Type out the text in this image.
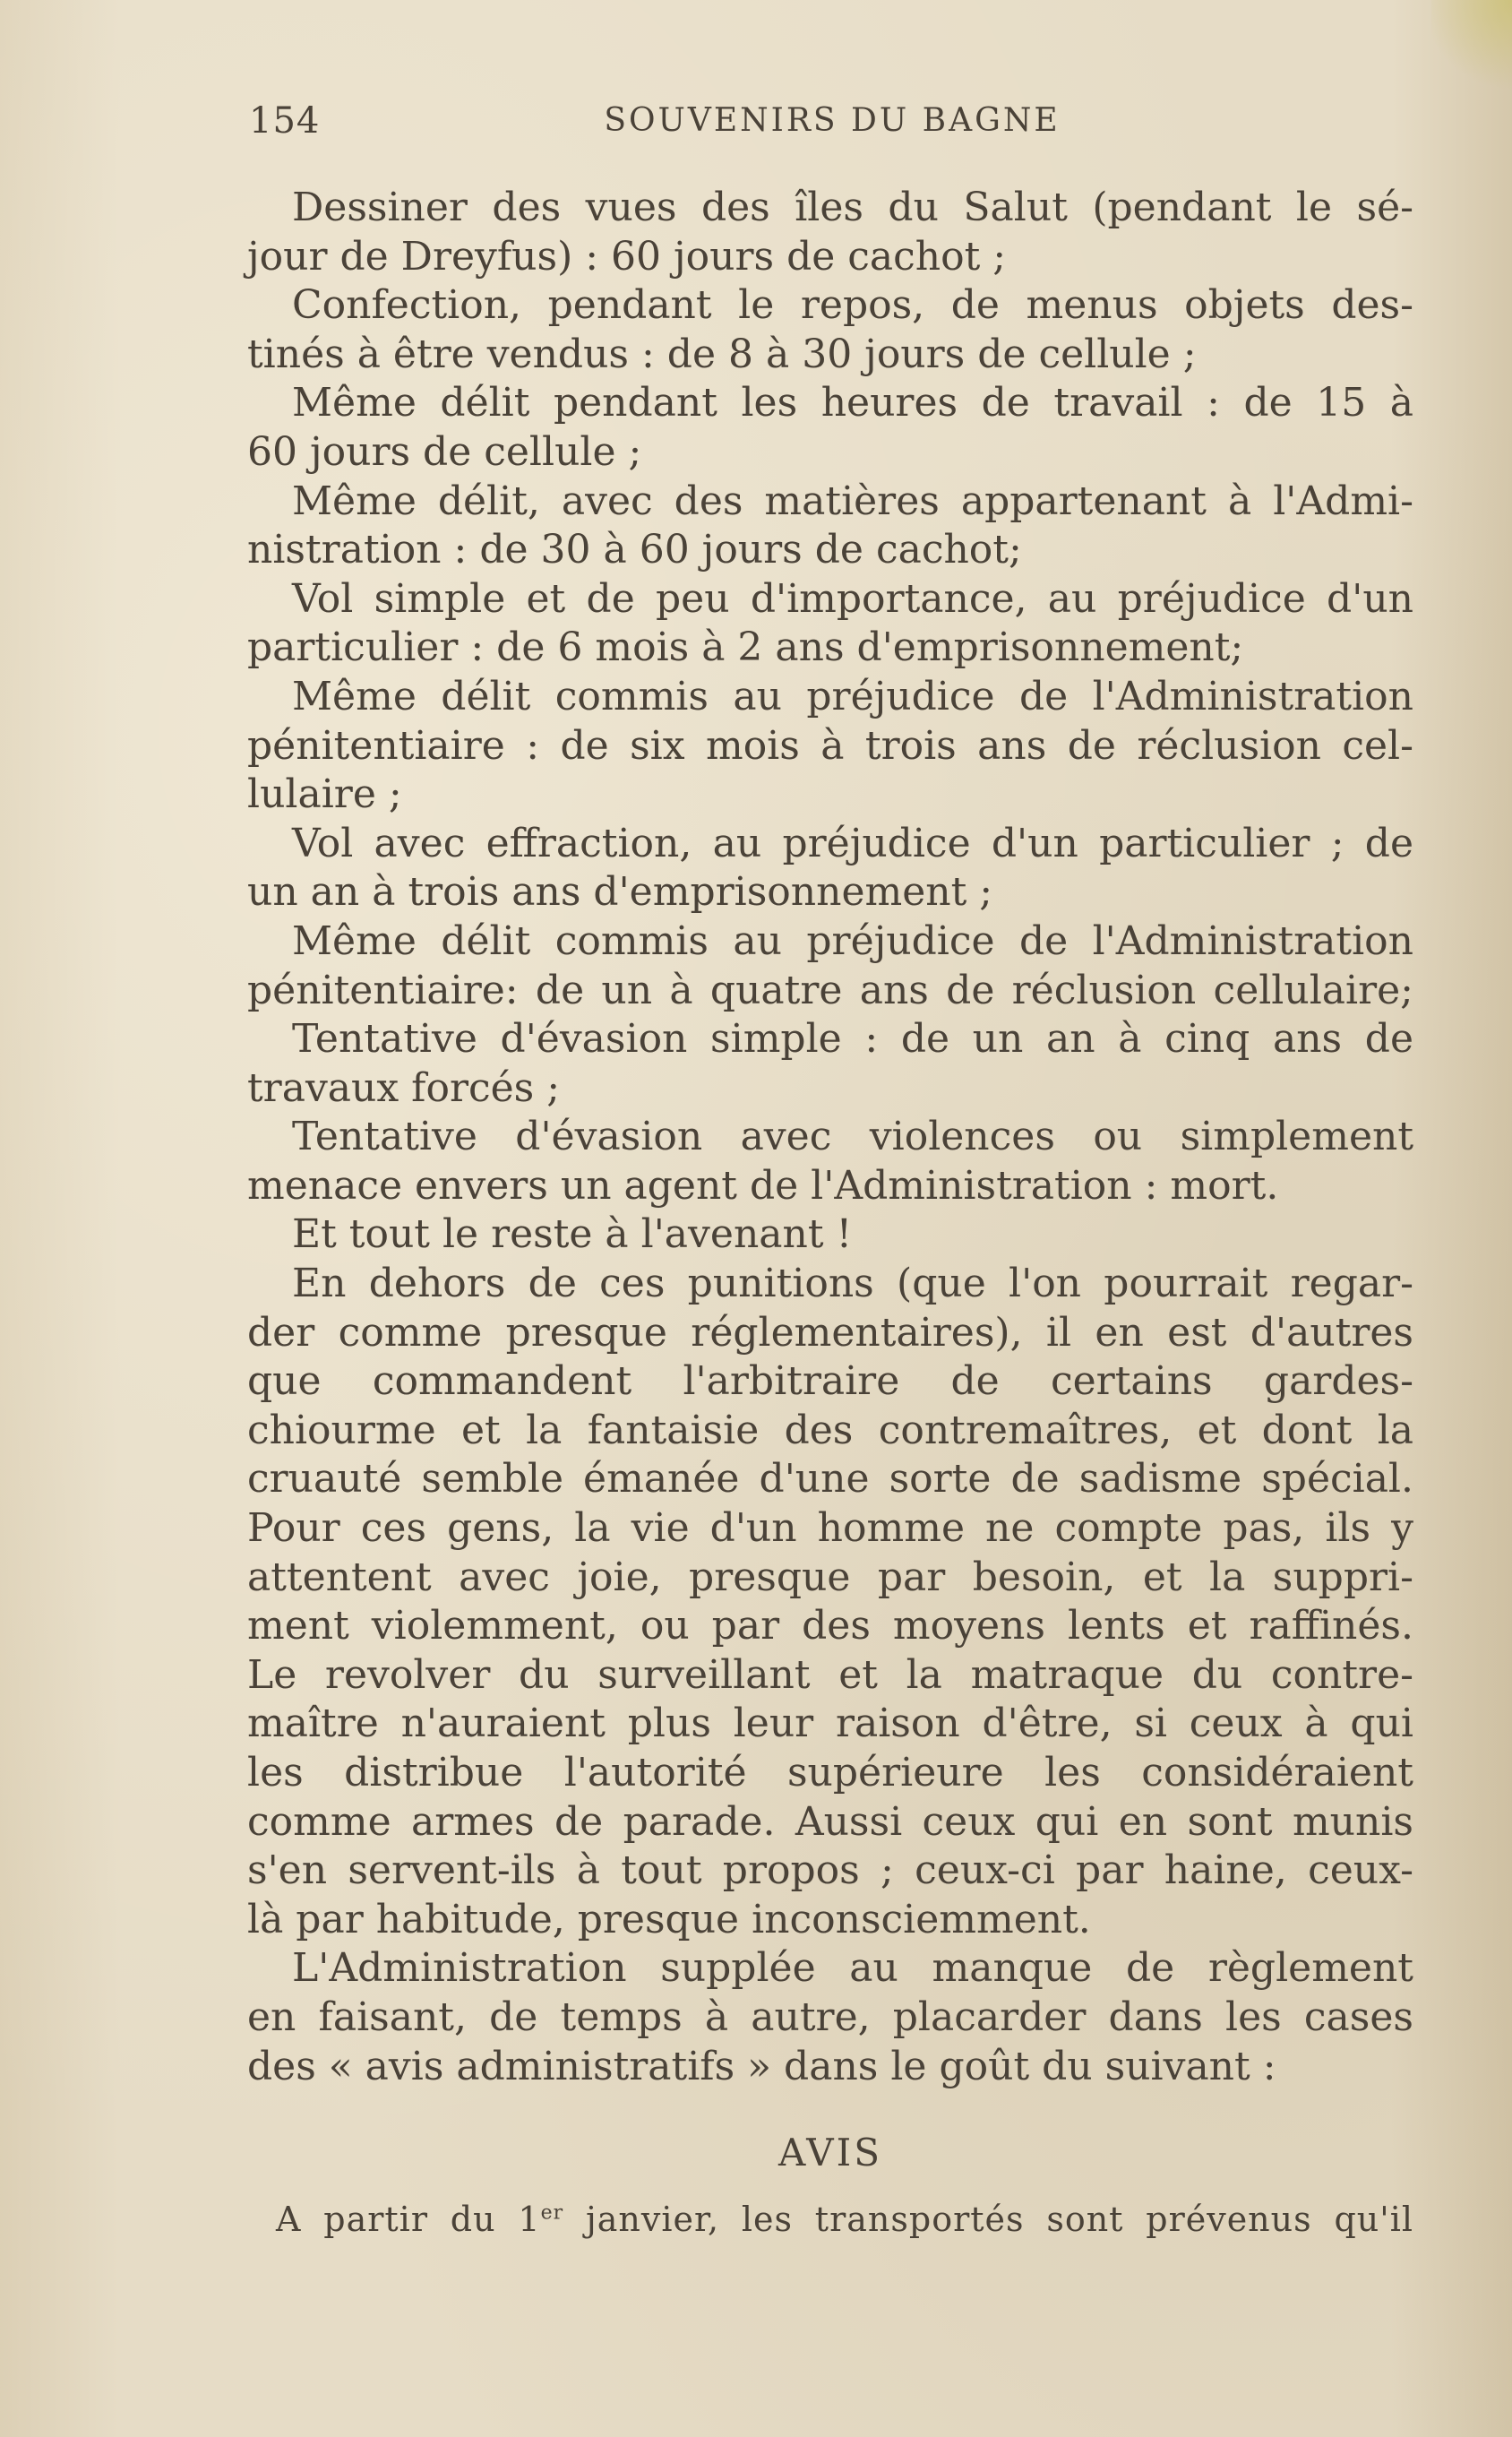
154	SOUVENIRS DU BAGNE
Dessiner des vues des îles du Salut (pendant le sé-
jour de Dreyfus) : 60 jours de cachot ;
Confection, pendant le repos, de menus objets des-
tinés à être vendus : de 8 à 30 jours de cellule ;
Même délit pendant les heures de travail : de 15 à
60 jours de cellule ;
Même délit, avec des matières appartenant à l'Admi-
nistration : de 30 à 60 jours de cachot;
Vol simple et de peu d'importance, au préjudice d'un
particulier : de 6 mois à 2 ans d'emprisonnement;
Même délit commis au préjudice de l'Administration
pénitentiaire : de six mois à trois ans de réclusion cel-
lulaire ;
Vol avec effraction, au préjudice d'un particulier ; de
un an à trois ans d'emprisonnement ;
Même délit commis au préjudice de l'Administration
pénitentiaire: de un à quatre ans de réclusion cellulaire;
Tentative d'évasion simple : de un an à cinq ans de
travaux forcés ;
Tentative d'évasion avec violences ou simplement
menace envers un agent de l'Administration : mort.
Et tout le reste à l'avenant !
En dehors de ces punitions (que l'on pourrait regar-
der comme presque réglementaires), il en est d'autres
que commandent l'arbitraire de certains gardes-
chiourme et la fantaisie des contremaîtres, et dont la
cruauté semble émanée d'une sorte de sadisme spécial.
Pour ces gens, la vie d'un homme ne compte pas, ils y
attentent avec joie, presque par besoin, et la suppri-
ment violemment, ou par des moyens lents et raffinés.
Le revolver du surveillant et la matraque du contre-
maître n'auraient plus leur raison d'être, si ceux à qui
les distribue l'autorité supérieure les considéraient
comme armes de parade. Aussi ceux qui en sont munis
s'en servent-ils à tout propos ; ceux-ci par haine, ceux-
là par habitude, presque inconsciemment.
L'Administration supplée au manque de règlement
en faisant, de temps à autre, placarder dans les cases
des « avis administratifs » dans le goût du suivant :
AVIS
A partir du 1er janvier, les transportés sont prévenus qu'il
